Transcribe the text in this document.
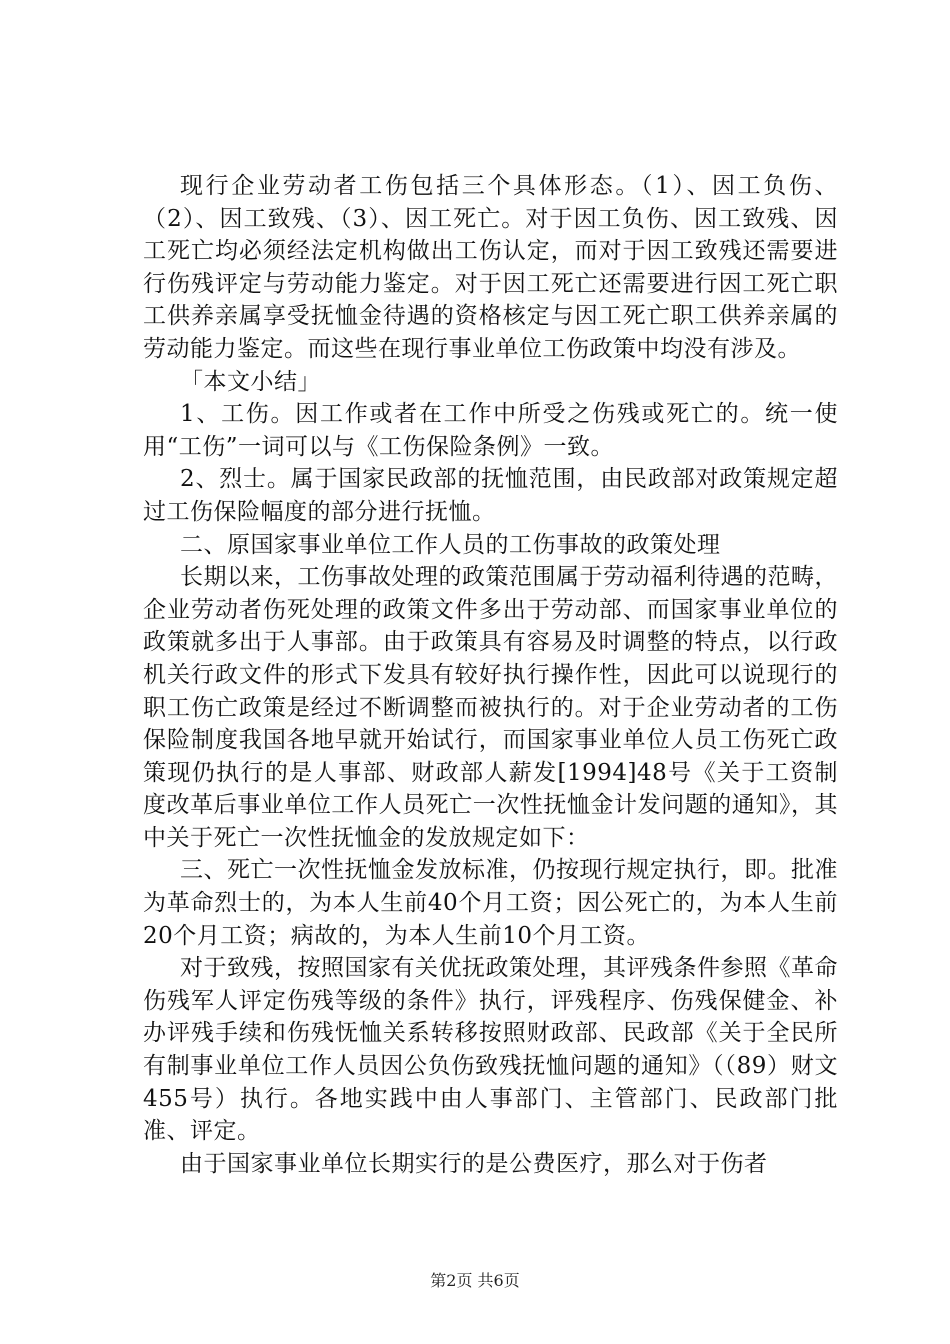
现行企业劳动者工伤包括三个具体形态。（1）、因工负伤、（2）、因工致残、（3）、因工死亡。对于因工负伤、因工致残、因工死亡均必须经法定机构做出工伤认定，而对于因工致残还需要进行伤残评定与劳动能力鉴定。对于因工死亡还需要进行因工死亡职工供养亲属享受抚恤金待遇的资格核定与因工死亡职工供养亲属的劳动能力鉴定。而这些在现行事业单位工伤政策中均没有涉及。

「本文小结」

1、工伤。因工作或者在工作中所受之伤残或死亡的。统一使用“工伤”一词可以与《工伤保险条例》一致。

2、烈士。属于国家民政部的抚恤范围，由民政部对政策规定超过工伤保险幅度的部分进行抚恤。

二、原国家事业单位工作人员的工伤事故的政策处理

长期以来，工伤事故处理的政策范围属于劳动福利待遇的范畴，企业劳动者伤死处理的政策文件多出于劳动部、而国家事业单位的政策就多出于人事部。由于政策具有容易及时调整的特点，以行政机关行政文件的形式下发具有较好执行操作性，因此可以说现行的职工伤亡政策是经过不断调整而被执行的。对于企业劳动者的工伤保险制度我国各地早就开始试行，而国家事业单位人员工伤死亡政策现仍执行的是人事部、财政部人薪发[1994]48号《关于工资制度改革后事业单位工作人员死亡一次性抚恤金计发问题的通知》，其中关于死亡一次性抚恤金的发放规定如下：

三、死亡一次性抚恤金发放标准，仍按现行规定执行，即。批准为革命烈士的，为本人生前40个月工资；因公死亡的，为本人生前20个月工资；病故的，为本人生前10个月工资。

对于致残，按照国家有关优抚政策处理，其评残条件参照《革命伤残军人评定伤残等级的条件》执行，评残程序、伤残保健金、补办评残手续和伤残怃恤关系转移按照财政部、民政部《关于全民所有制事业单位工作人员因公负伤致残抚恤问题的通知》（（89）财文455号）执行。各地实践中由人事部门、主管部门、民政部门批准、评定。

由于国家事业单位长期实行的是公费医疗，那么对于伤者

第2页 共6页
